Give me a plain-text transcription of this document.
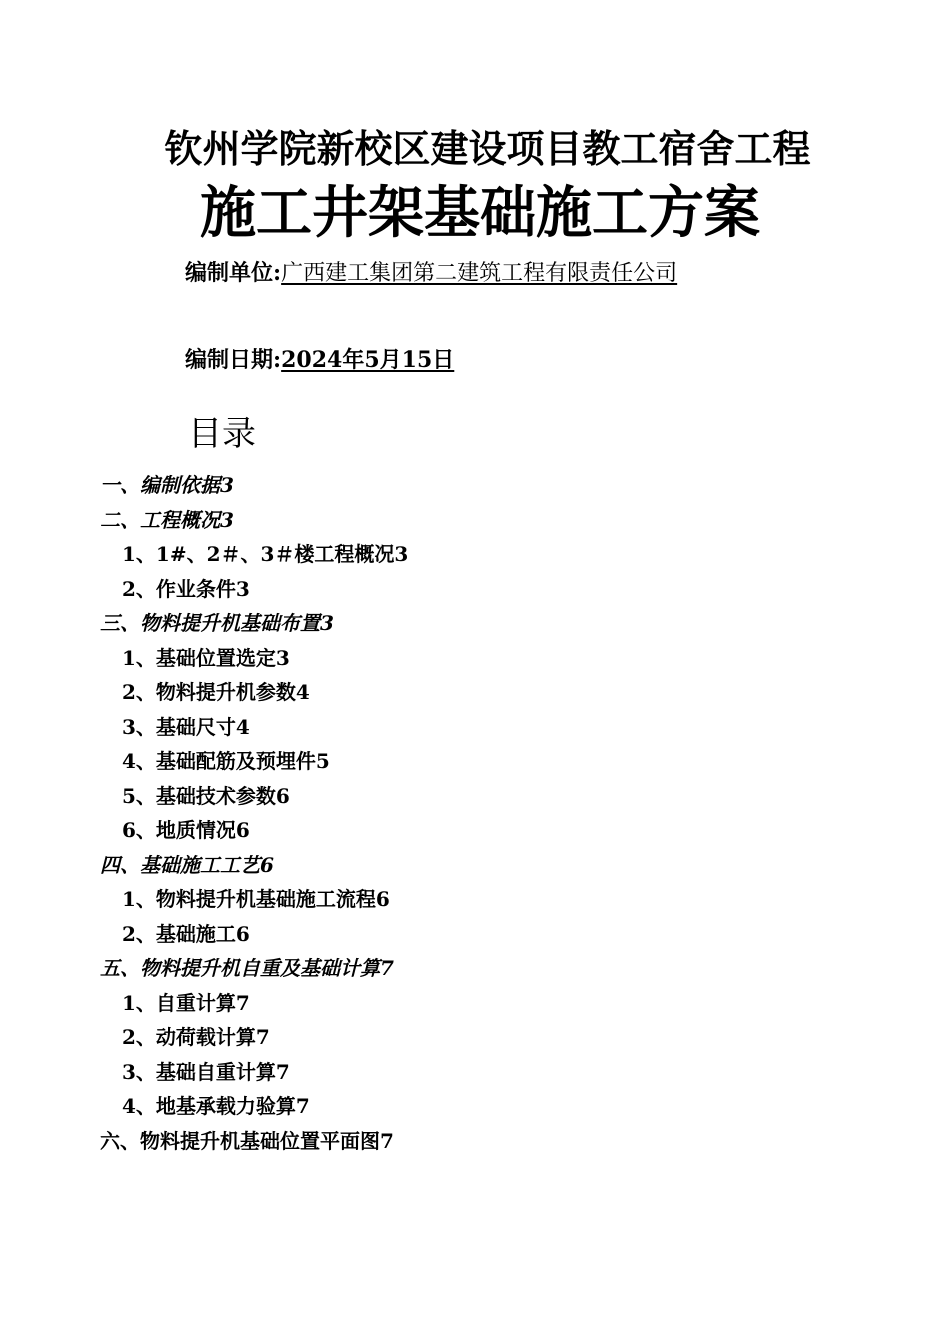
钦州学院新校区建设项目教工宿舍工程
施工井架基础施工方案
编制单位:广西建工集团第二建筑工程有限责任公司
编制日期:2024年5月15日
目录
一、编制依据3
二、工程概况3
1、1#、2＃、3＃楼工程概况3
2、作业条件3
三、物料提升机基础布置3
1、基础位置选定3
2、物料提升机参数4
3、基础尺寸4
4、基础配筋及预埋件5
5、基础技术参数6
6、地质情况6
四、基础施工工艺6
1、物料提升机基础施工流程6
2、基础施工6
五、物料提升机自重及基础计算7
1、自重计算7
2、动荷载计算7
3、基础自重计算7
4、地基承载力验算7
六、物料提升机基础位置平面图7
